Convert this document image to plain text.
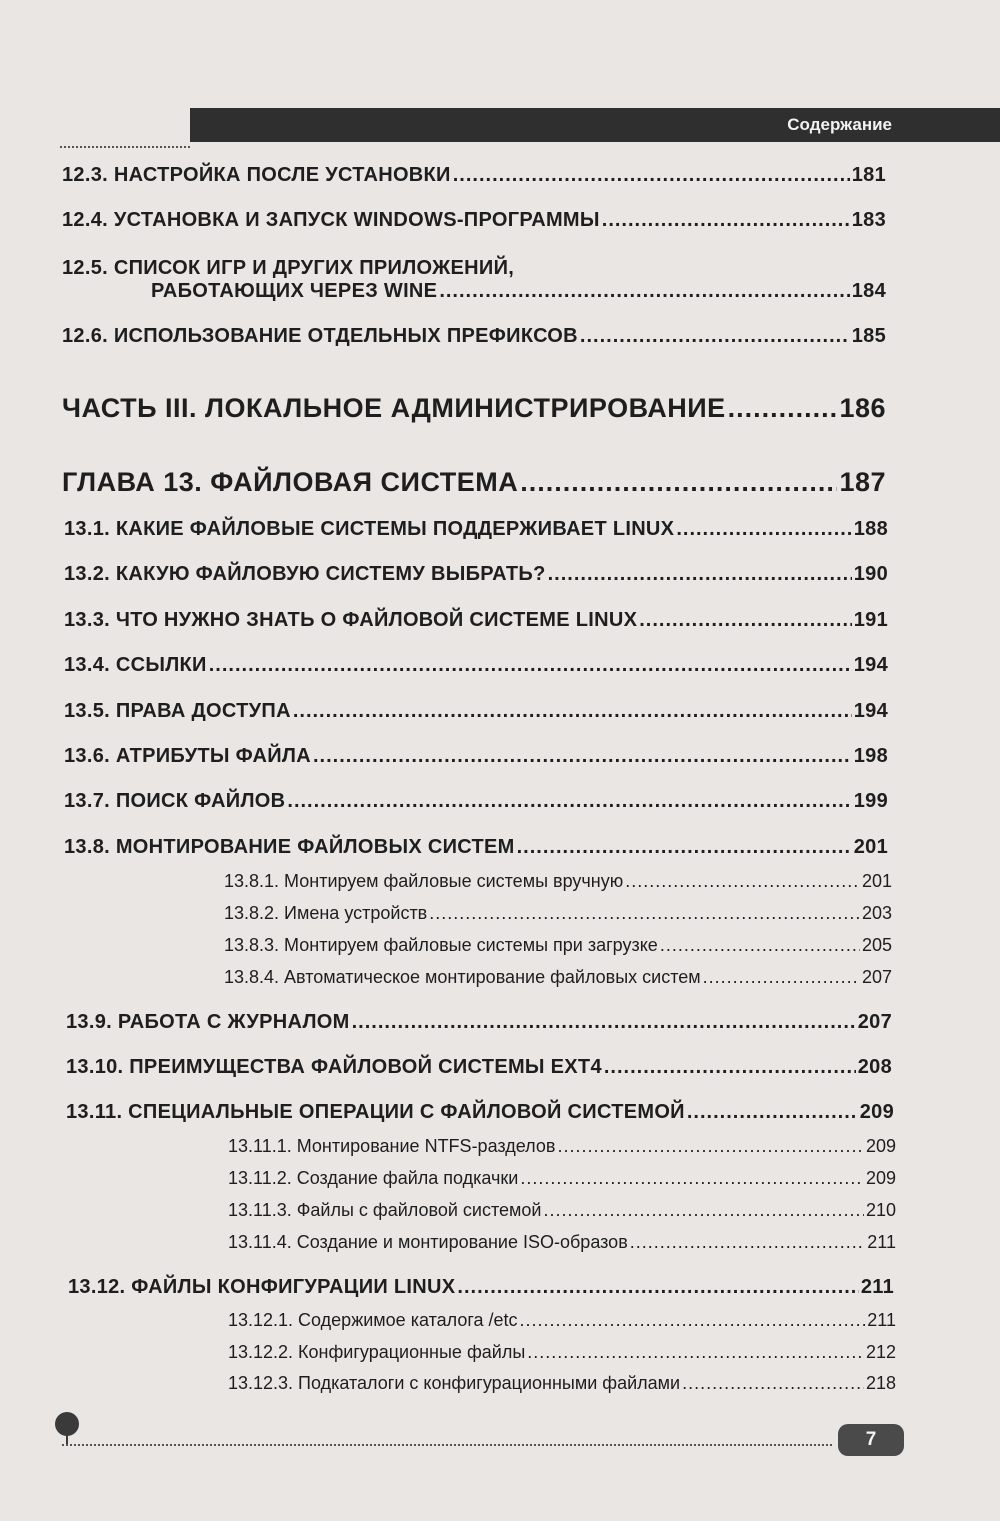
Содержание
12.3. НАСТРОЙКА ПОСЛЕ УСТАНОВКИ .....	181
12.4. УСТАНОВКА И ЗАПУСК WINDOWS-ПРОГРАММЫ .....	183
12.5. СПИСОК ИГР И ДРУГИХ ПРИЛОЖЕНИЙ,
РАБОТАЮЩИХ ЧЕРЕЗ WINE .....	184
12.6. ИСПОЛЬЗОВАНИЕ ОТДЕЛЬНЫХ ПРЕФИКСОВ .....	185
ЧАСТЬ III. ЛОКАЛЬНОЕ АДМИНИСТРИРОВАНИЕ .....	186
ГЛАВА 13. ФАЙЛОВАЯ СИСТЕМА .....	187
13.1. КАКИЕ ФАЙЛОВЫЕ СИСТЕМЫ ПОДДЕРЖИВАЕТ LINUX .....	188
13.2. КАКУЮ ФАЙЛОВУЮ СИСТЕМУ ВЫБРАТЬ? .....	190
13.3. ЧТО НУЖНО ЗНАТЬ О ФАЙЛОВОЙ СИСТЕМЕ LINUX .....	191
13.4. ССЫЛКИ .....	194
13.5. ПРАВА ДОСТУПА .....	194
13.6. АТРИБУТЫ ФАЙЛА .....	198
13.7. ПОИСК ФАЙЛОВ .....	199
13.8. МОНТИРОВАНИЕ ФАЙЛОВЫХ СИСТЕМ .....	201
13.8.1. Монтируем файловые системы вручную .....	201
13.8.2. Имена устройств .....	203
13.8.3. Монтируем файловые системы при загрузке .....	205
13.8.4. Автоматическое монтирование файловых систем .....	207
13.9. РАБОТА С ЖУРНАЛОМ .....	207
13.10. ПРЕИМУЩЕСТВА ФАЙЛОВОЙ СИСТЕМЫ EXT4 .....	208
13.11. СПЕЦИАЛЬНЫЕ ОПЕРАЦИИ С ФАЙЛОВОЙ СИСТЕМОЙ .....	209
13.11.1. Монтирование NTFS-разделов .....	209
13.11.2. Создание файла подкачки .....	209
13.11.3. Файлы с файловой системой .....	210
13.11.4. Создание и монтирование ISO-образов .....	211
13.12. ФАЙЛЫ КОНФИГУРАЦИИ LINUX .....	211
13.12.1. Содержимое каталога /etc .....	211
13.12.2. Конфигурационные файлы .....	212
13.12.3. Подкаталоги с конфигурационными файлами .....	218
7
